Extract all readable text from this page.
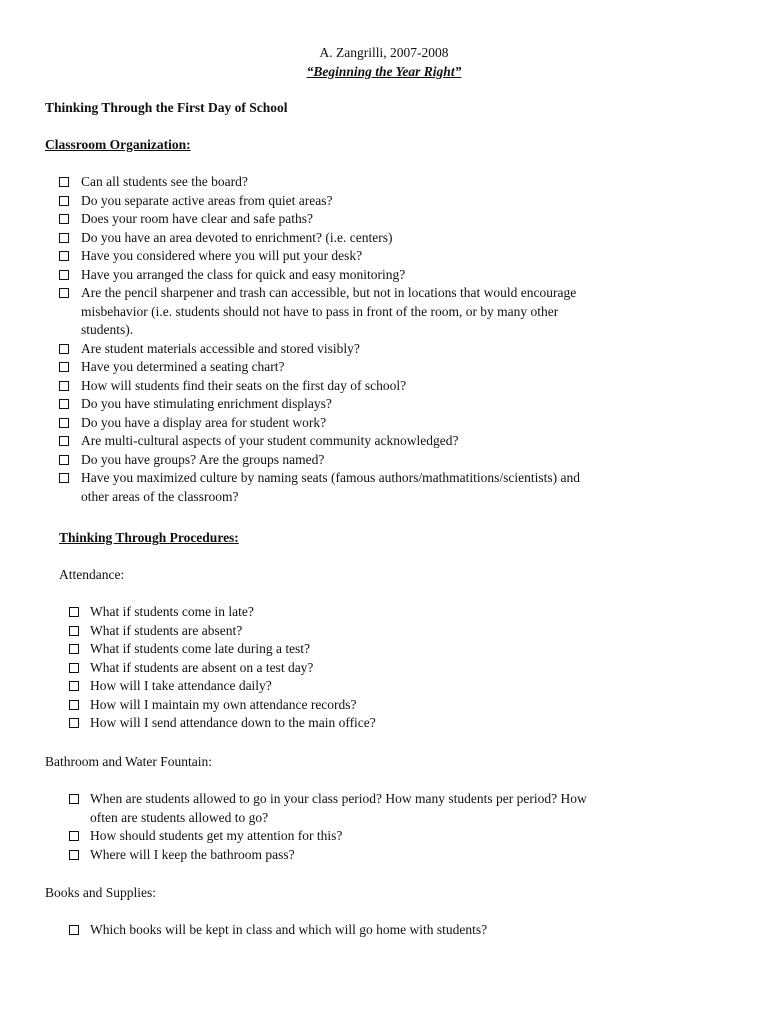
A. Zangrilli, 2007-2008
“Beginning the Year Right”
Thinking Through the First Day of School
Classroom Organization:
Can all students see the board?
Do you separate active areas from quiet areas?
Does your room have clear and safe paths?
Do you have an area devoted to enrichment? (i.e. centers)
Have you considered where you will put your desk?
Have you arranged the class for quick and easy monitoring?
Are the pencil sharpener and trash can accessible, but not in locations that would encourage
misbehavior (i.e. students should not have to pass in front of the room, or by many other
students).
Are student materials accessible and stored visibly?
Have you determined a seating chart?
How will students find their seats on the first day of school?
Do you have stimulating enrichment displays?
Do you have a display area for student work?
Are multi-cultural aspects of your student community acknowledged?
Do you have groups? Are the groups named?
Have you maximized culture by naming seats (famous authors/mathmatitions/scientists) and
other areas of the classroom?
Thinking Through Procedures:
Attendance:
What if students come in late?
What if students are absent?
What if students come late during a test?
What if students are absent on a test day?
How will I take attendance daily?
How will I maintain my own attendance records?
How will I send attendance down to the main office?
Bathroom and Water Fountain:
When are students allowed to go in your class period? How many students per period? How
often are students allowed to go?
How should students get my attention for this?
Where will I keep the bathroom pass?
Books and Supplies:
Which books will be kept in class and which will go home with students?
